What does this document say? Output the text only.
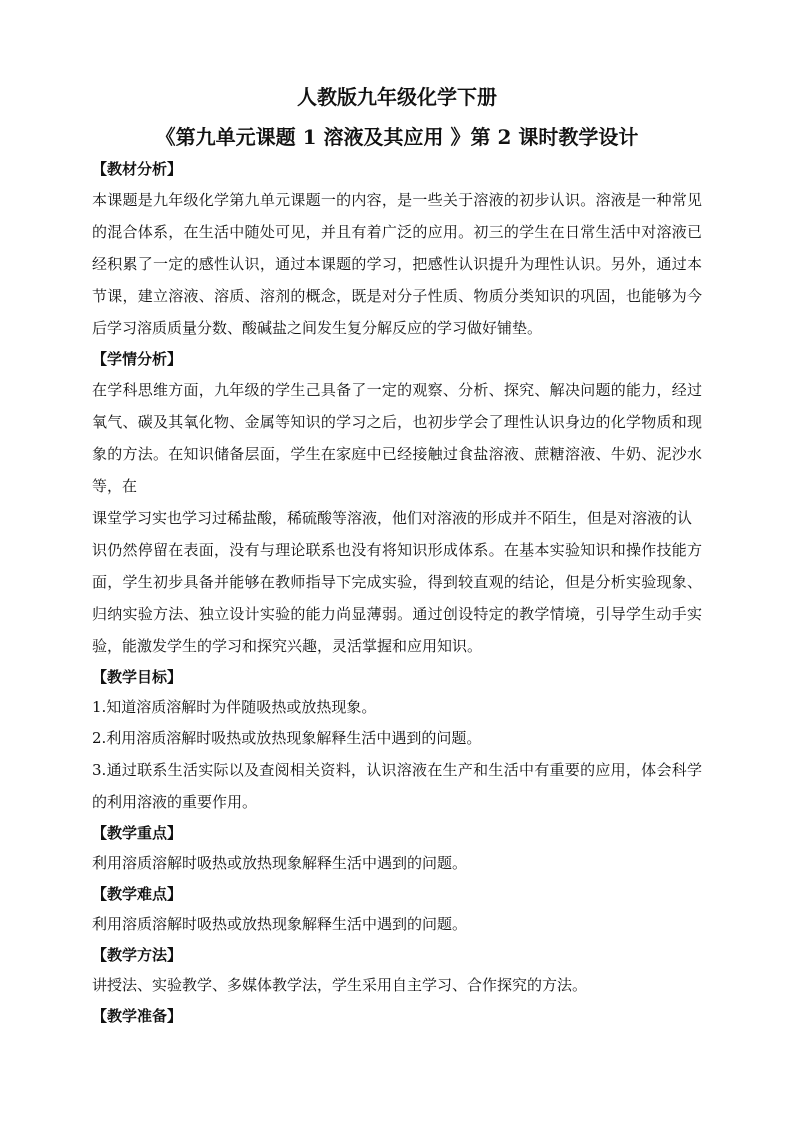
人教版九年级化学下册
《第九单元课题 1 溶液及其应用 》第 2 课时教学设计

【教材分析】

本课题是九年级化学第九单元课题一的内容，是一些关于溶液的初步认识。溶液是一种常见的混合体系，在生活中随处可见，并且有着广泛的应用。初三的学生在日常生活中对溶液已经积累了一定的感性认识，通过本课题的学习，把感性认识提升为理性认识。另外，通过本节课，建立溶液、溶质、溶剂的概念，既是对分子性质、物质分类知识的巩固，也能够为今后学习溶质质量分数、酸碱盐之间发生复分解反应的学习做好铺垫。

【学情分析】

在学科思维方面，九年级的学生己具备了一定的观察、分析、探究、解决问题的能力，经过氧气、碳及其氧化物、金属等知识的学习之后，也初步学会了理性认识身边的化学物质和现象的方法。在知识储备层面，学生在家庭中已经接触过食盐溶液、蔗糖溶液、牛奶、泥沙水等，在

课堂学习实也学习过稀盐酸，稀硫酸等溶液，他们对溶液的形成并不陌生，但是对溶液的认

识仍然停留在表面，没有与理论联系也没有将知识形成体系。在基本实验知识和操作技能方面，学生初步具备并能够在教师指导下完成实验，得到较直观的结论，但是分析实验现象、归纳实验方法、独立设计实验的能力尚显薄弱。通过创设特定的教学情境，引导学生动手实验，能激发学生的学习和探究兴趣，灵活掌握和应用知识。

【教学目标】

1.知道溶质溶解时为伴随吸热或放热现象。

2.利用溶质溶解时吸热或放热现象解释生活中遇到的问题。

3.通过联系生活实际以及查阅相关资料，认识溶液在生产和生活中有重要的应用，体会科学的利用溶液的重要作用。

【教学重点】

利用溶质溶解时吸热或放热现象解释生活中遇到的问题。

【教学难点】

利用溶质溶解时吸热或放热现象解释生活中遇到的问题。

【教学方法】

讲授法、实验教学、多媒体教学法，学生采用自主学习、合作探究的方法。

【教学准备】
